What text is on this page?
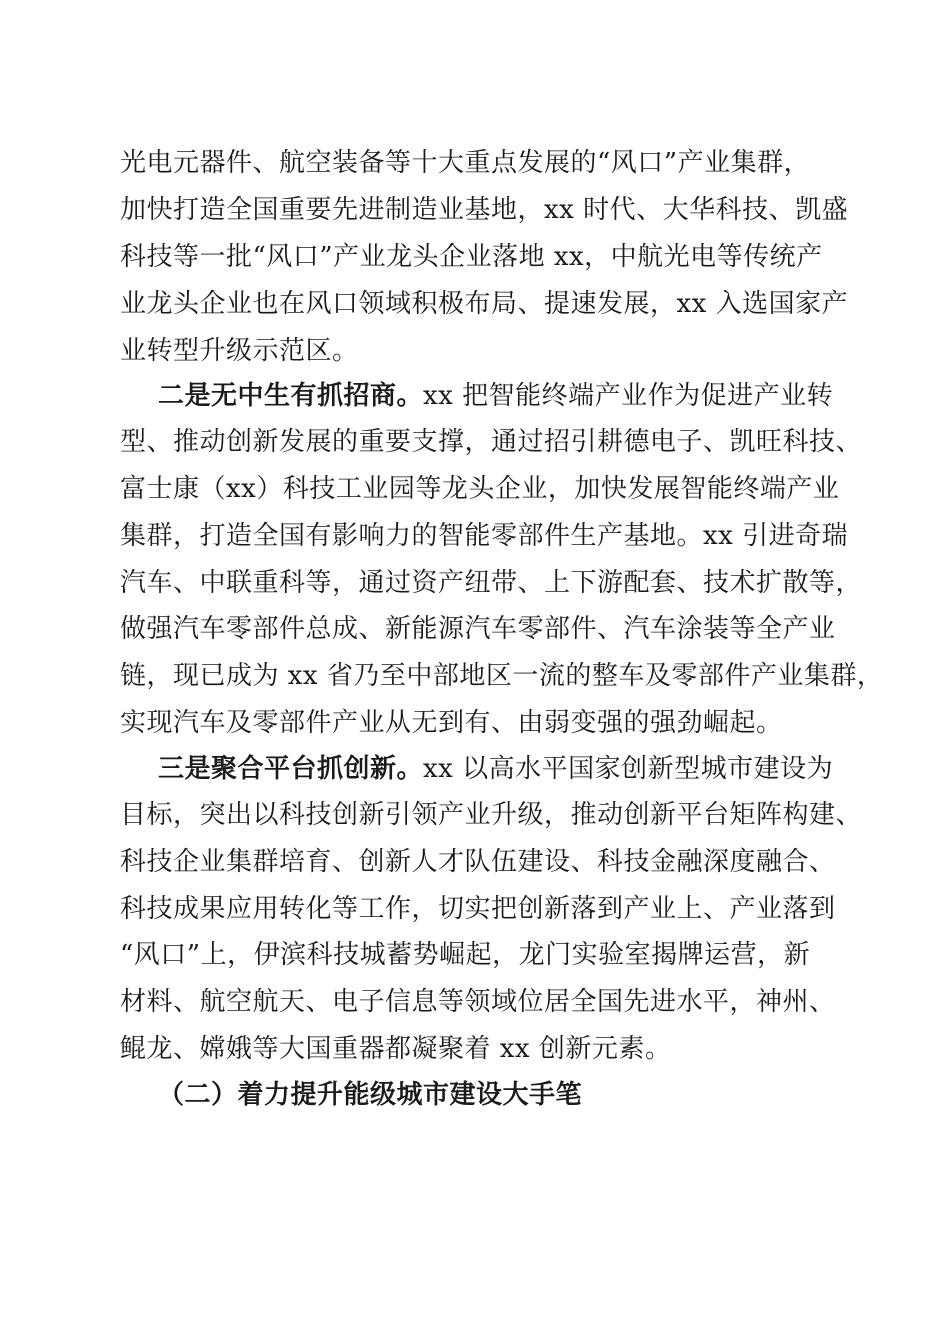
光电元器件、航空装备等十大重点发展的“风口”产业集群，
加快打造全国重要先进制造业基地，xx 时代、大华科技、凯盛
科技等一批“风口”产业龙头企业落地 xx，中航光电等传统产
业龙头企业也在风口领域积极布局、提速发展，xx 入选国家产
业转型升级示范区。
二是无中生有抓招商。xx 把智能终端产业作为促进产业转
型、推动创新发展的重要支撑，通过招引耕德电子、凯旺科技、
富士康（xx）科技工业园等龙头企业，加快发展智能终端产业
集群，打造全国有影响力的智能零部件生产基地。xx 引进奇瑞
汽车、中联重科等，通过资产纽带、上下游配套、技术扩散等，
做强汽车零部件总成、新能源汽车零部件、汽车涂装等全产业
链，现已成为 xx 省乃至中部地区一流的整车及零部件产业集群，
实现汽车及零部件产业从无到有、由弱变强的强劲崛起。
三是聚合平台抓创新。xx 以高水平国家创新型城市建设为
目标，突出以科技创新引领产业升级，推动创新平台矩阵构建、
科技企业集群培育、创新人才队伍建设、科技金融深度融合、
科技成果应用转化等工作，切实把创新落到产业上、产业落到
“风口”上，伊滨科技城蓄势崛起，龙门实验室揭牌运营，新
材料、航空航天、电子信息等领域位居全国先进水平，神州、
鲲龙、嫦娥等大国重器都凝聚着 xx 创新元素。
（二）着力提升能级城市建设大手笔
